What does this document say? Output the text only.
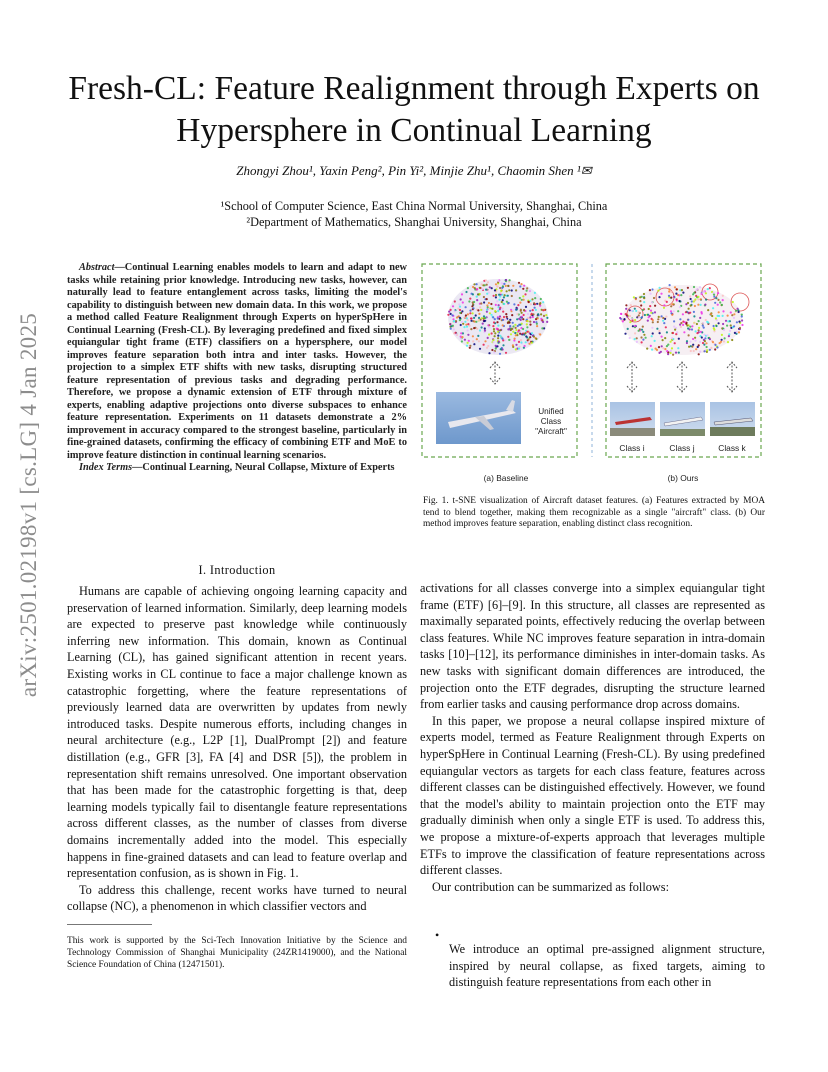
arXiv:2501.02198v1 [cs.LG] 4 Jan 2025
Fresh-CL: Feature Realignment through Experts on
Hypersphere in Continual Learning
Zhongyi Zhou¹, Yaxin Peng², Pin Yi², Minjie Zhu¹, Chaomin Shen ¹✉
¹School of Computer Science, East China Normal University, Shanghai, China
²Department of Mathematics, Shanghai University, Shanghai, China

Abstract—Continual Learning enables models to learn and adapt to new tasks while retaining prior knowledge. Introducing new tasks, however, can naturally lead to feature entanglement across tasks, limiting the model's capability to distinguish between new domain data. In this work, we propose a method called Feature Realignment through Experts on hyperSpHere in Continual Learning (Fresh-CL). By leveraging predefined and fixed simplex equiangular tight frame (ETF) classifiers on a hypersphere, our model improves feature separation both intra and inter tasks. However, the projection to a simplex ETF shifts with new tasks, disrupting structured feature representation of previous tasks and degrading performance. Therefore, we propose a dynamic extension of ETF through mixture of experts, enabling adaptive projections onto diverse subspaces to enhance feature representation. Experiments on 11 datasets demonstrate a 2% improvement in accuracy compared to the strongest baseline, particularly in fine-grained datasets, confirming the efficacy of combining ETF and MoE to improve feature distinction in continual learning scenarios.

Index Terms—Continual Learning, Neural Collapse, Mixture of Experts

I. Introduction

Humans are capable of achieving ongoing learning capacity and preservation of learned information. Similarly, deep learning models are expected to preserve past knowledge while continuously inferring new information. This domain, known as Continual Learning (CL), has gained significant attention in recent years. Existing works in CL continue to face a major challenge known as catastrophic forgetting, where the feature representations of previously learned data are overwritten by updates from newly introduced tasks. Despite numerous efforts, including changes in neural architecture (e.g., L2P [1], DualPrompt [2]) and feature distillation (e.g., GFR [3], FA [4] and DSR [5]), the problem in representation shift remains unresolved. One important observation that has been made for the catastrophic forgetting is that, deep learning models typically fail to disentangle feature representations across different classes, as the number of classes from diverse domains incrementally added into the model. This especially happens in fine-grained datasets and can lead to feature overlap and representation confusion, as is shown in Fig. 1.

To address this challenge, recent works have turned to neural collapse (NC), a phenomenon in which classifier vectors and

This work is supported by the Sci-Tech Innovation Initiative by the Science and Technology Commission of Shanghai Municipality (24ZR1419000), and the National Science Foundation of China (12471501).
Unified Class "Aircraft"
Class i	Class j	Class k
(a) Baseline	(b) Ours
Fig. 1. t-SNE visualization of Aircraft dataset features. (a) Features extracted by MOA tend to blend together, making them recognizable as a single "aircraft" class. (b) Our method improves feature separation, enabling distinct class recognition.

activations for all classes converge into a simplex equiangular tight frame (ETF) [6]–[9]. In this structure, all classes are represented as maximally separated points, effectively reducing the overlap between class features. While NC improves feature separation in intra-domain tasks [10]–[12], its performance diminishes in inter-domain tasks. As new tasks with significant domain differences are introduced, the projection onto the ETF degrades, disrupting the structure learned from earlier tasks and causing performance drop across domains.

In this paper, we propose a neural collapse inspired mixture of experts model, termed as Feature Realignment through Experts on hyperSpHere in Continual Learning (Fresh-CL). By using predefined equiangular vectors as targets for each class feature, features across different classes can be distinguished effectively. However, we found that the model's ability to maintain projection onto the ETF may gradually diminish when only a single ETF is used. To address this, we propose a mixture-of-experts approach that leverages multiple ETFs to improve the classification of feature representations across different classes.

Our contribution can be summarized as follows:

•

We introduce an optimal pre-assigned alignment structure, inspired by neural collapse, as fixed targets, aiming to distinguish feature representations from each other in
